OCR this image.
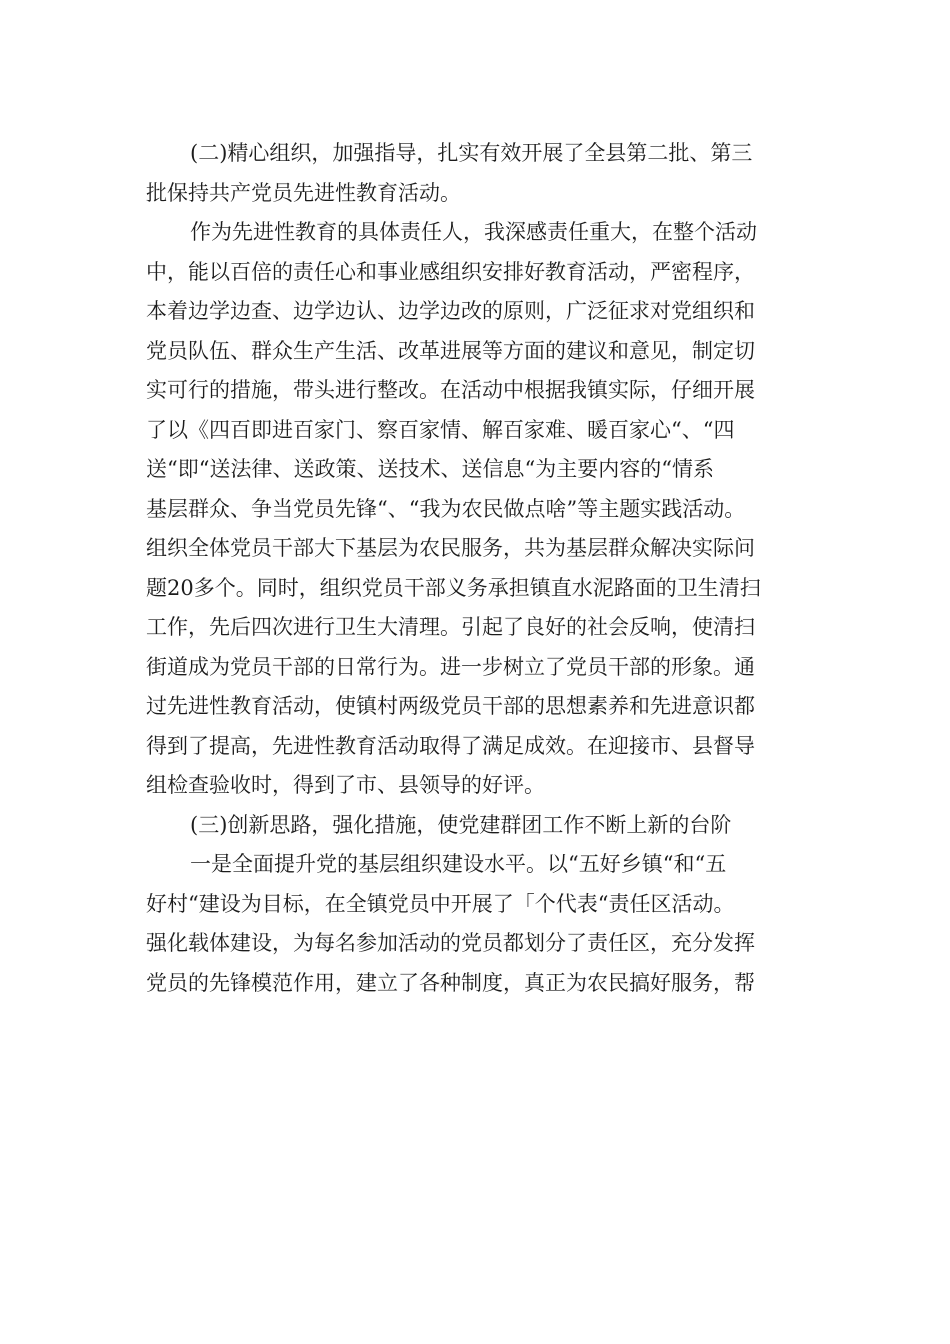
(二)精心组织，加强指导，扎实有效开展了全县第二批、第三
批保持共产党员先进性教育活动。

作为先进性教育的具体责任人，我深感责任重大，在整个活动
中，能以百倍的责任心和事业感组织安排好教育活动，严密程序，
本着边学边查、边学边认、边学边改的原则，广泛征求对党组织和
党员队伍、群众生产生活、改革进展等方面的建议和意见，制定切
实可行的措施，带头进行整改。在活动中根据我镇实际，仔细开展
了以《四百即进百家门、察百家情、解百家难、暖百家心“、“四
送“即“送法律、送政策、送技术、送信息“为主要内容的“情系
基层群众、争当党员先锋“、“我为农民做点啥”等主题实践活动。
组织全体党员干部大下基层为农民服务，共为基层群众解决实际问
题20多个。同时，组织党员干部义务承担镇直水泥路面的卫生清扫
工作，先后四次进行卫生大清理。引起了良好的社会反响，使清扫
街道成为党员干部的日常行为。进一步树立了党员干部的形象。通
过先进性教育活动，使镇村两级党员干部的思想素养和先进意识都
得到了提高，先进性教育活动取得了满足成效。在迎接市、县督导
组检查验收时，得到了市、县领导的好评。

(三)创新思路，强化措施，使党建群团工作不断上新的台阶

一是全面提升党的基层组织建设水平。以“五好乡镇“和“五
好村“建设为目标，在全镇党员中开展了「个代表“责任区活动。
强化载体建设，为每名参加活动的党员都划分了责任区，充分发挥
党员的先锋模范作用，建立了各种制度，真正为农民搞好服务，帮
